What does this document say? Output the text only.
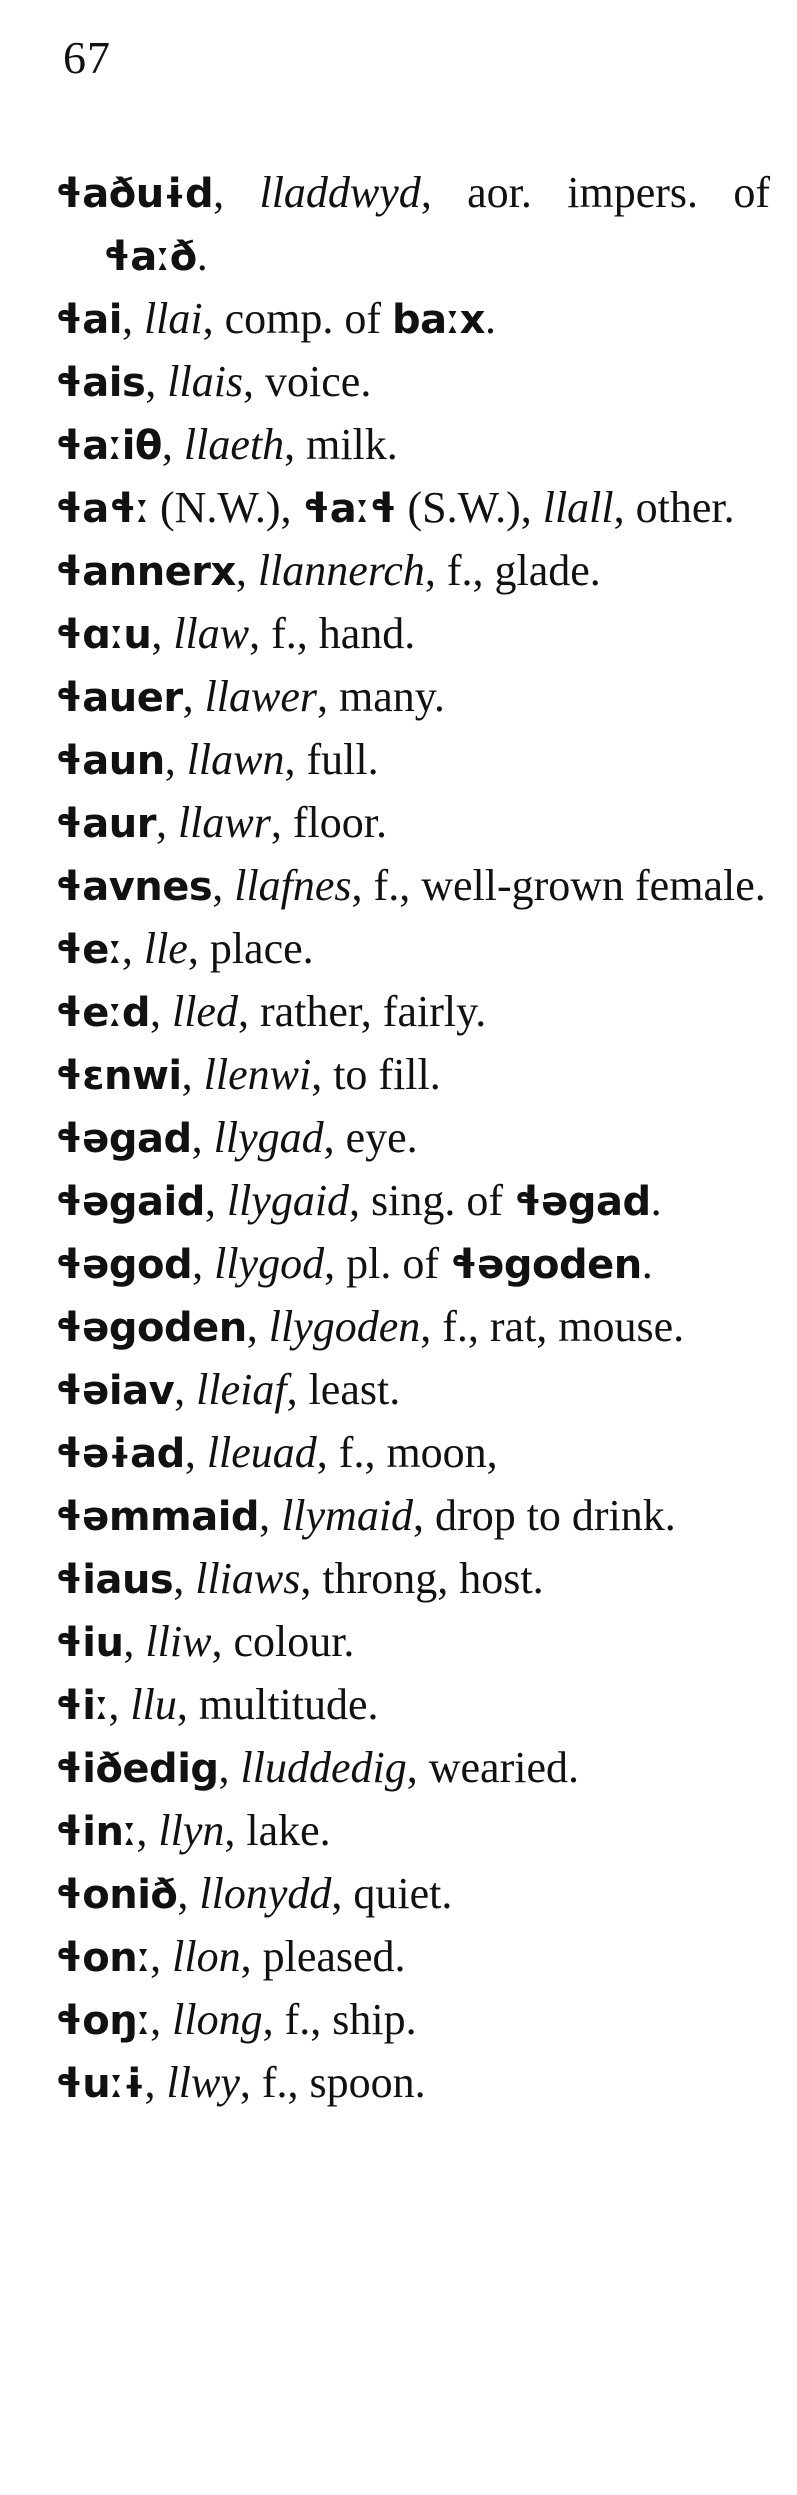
67
ɬaðuɨd, lladdwyd, aor. impers. of ɬaːð.
ɬai, llai, comp. of baːx.
ɬais, llais, voice.
ɬaːiθ, llaeth, milk.
ɬaɬː (N.W.), ɬaːɬ (S.W.), llall, other.
ɬannerx, llannerch, f., glade.
ɬɑːu, llaw, f., hand.
ɬauer, llawer, many.
ɬaun, llawn, full.
ɬaur, llawr, floor.
ɬavnes, llafnes, f., well-grown female.
ɬeː, lle, place.
ɬeːd, lled, rather, fairly.
ɬɛnwi, llenwi, to fill.
ɬəgad, llygad, eye.
ɬəgaid, llygaid, sing. of ɬəgad.
ɬəgod, llygod, pl. of ɬəgoden.
ɬəgoden, llygoden, f., rat, mouse.
ɬəiav, lleiaf, least.
ɬəɨad, lleuad, f., moon,
ɬəmmaid, llymaid, drop to drink.
ɬiaus, lliaws, throng, host.
ɬiu, lliw, colour.
ɬiː, llu, multitude.
ɬiðedig, lluddedig, wearied.
ɬinː, llyn, lake.
ɬonið, llonydd, quiet.
ɬonː, llon, pleased.
ɬoŋː, llong, f., ship.
ɬuːɨ, llwy, f., spoon.
